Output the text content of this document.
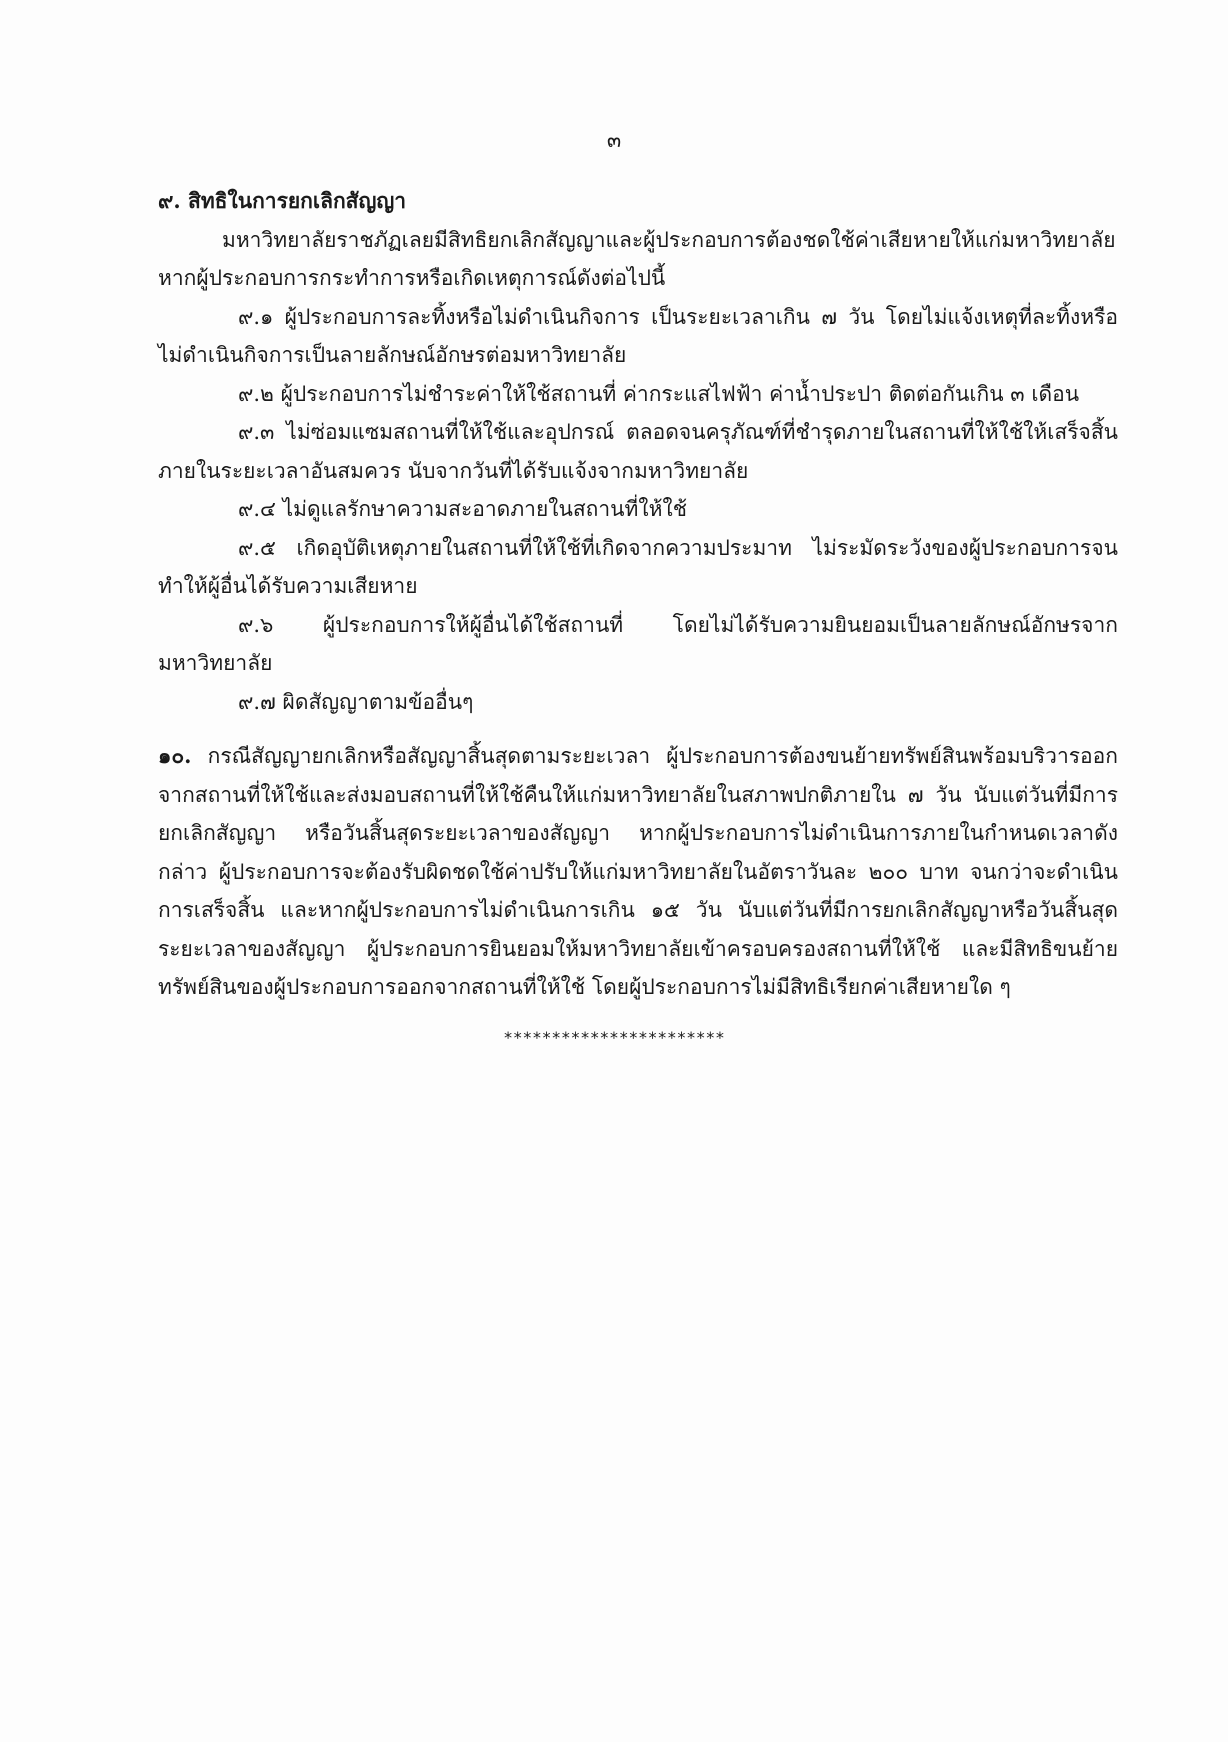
๓

๙. สิทธิในการยกเลิกสัญญา

มหาวิทยาลัยราชภัฏเลยมีสิทธิยกเลิกสัญญาและผู้ประกอบการต้องชดใช้ค่าเสียหายให้แก่มหาวิทยาลัย

หากผู้ประกอบการกระทำการหรือเกิดเหตุการณ์ดังต่อไปนี้

๙.๑ ผู้ประกอบการละทิ้งหรือไม่ดำเนินกิจการ เป็นระยะเวลาเกิน ๗ วัน โดยไม่แจ้งเหตุที่ละทิ้งหรือไม่ดำเนินกิจการเป็นลายลักษณ์อักษรต่อมหาวิทยาลัย

๙.๒ ผู้ประกอบการไม่ชำระค่าให้ใช้สถานที่ ค่ากระแสไฟฟ้า ค่าน้ำประปา ติดต่อกันเกิน ๓ เดือน

๙.๓ ไม่ซ่อมแซมสถานที่ให้ใช้และอุปกรณ์ ตลอดจนครุภัณฑ์ที่ชำรุดภายในสถานที่ให้ใช้ให้เสร็จสิ้นภายในระยะเวลาอันสมควร นับจากวันที่ได้รับแจ้งจากมหาวิทยาลัย

๙.๔ ไม่ดูแลรักษาความสะอาดภายในสถานที่ให้ใช้

๙.๕ เกิดอุบัติเหตุภายในสถานที่ให้ใช้ที่เกิดจากความประมาท ไม่ระมัดระวังของผู้ประกอบการจนทำให้ผู้อื่นได้รับความเสียหาย

๙.๖ ผู้ประกอบการให้ผู้อื่นได้ใช้สถานที่ โดยไม่ได้รับความยินยอมเป็นลายลักษณ์อักษรจากมหาวิทยาลัย

๙.๗ ผิดสัญญาตามข้ออื่นๆ

๑๐. กรณีสัญญายกเลิกหรือสัญญาสิ้นสุดตามระยะเวลา ผู้ประกอบการต้องขนย้ายทรัพย์สินพร้อมบริวารออกจากสถานที่ให้ใช้และส่งมอบสถานที่ให้ใช้คืนให้แก่มหาวิทยาลัยในสภาพปกติภายใน ๗ วัน นับแต่วันที่มีการยกเลิกสัญญา หรือวันสิ้นสุดระยะเวลาของสัญญา หากผู้ประกอบการไม่ดำเนินการภายในกำหนดเวลาดังกล่าว ผู้ประกอบการจะต้องรับผิดชดใช้ค่าปรับให้แก่มหาวิทยาลัยในอัตราวันละ ๒๐๐ บาท จนกว่าจะดำเนินการเสร็จสิ้น และหากผู้ประกอบการไม่ดำเนินการเกิน ๑๕ วัน นับแต่วันที่มีการยกเลิกสัญญาหรือวันสิ้นสุดระยะเวลาของสัญญา ผู้ประกอบการยินยอมให้มหาวิทยาลัยเข้าครอบครองสถานที่ให้ใช้ และมีสิทธิขนย้ายทรัพย์สินของผู้ประกอบการออกจากสถานที่ให้ใช้ โดยผู้ประกอบการไม่มีสิทธิเรียกค่าเสียหายใด ๆ

***********************
